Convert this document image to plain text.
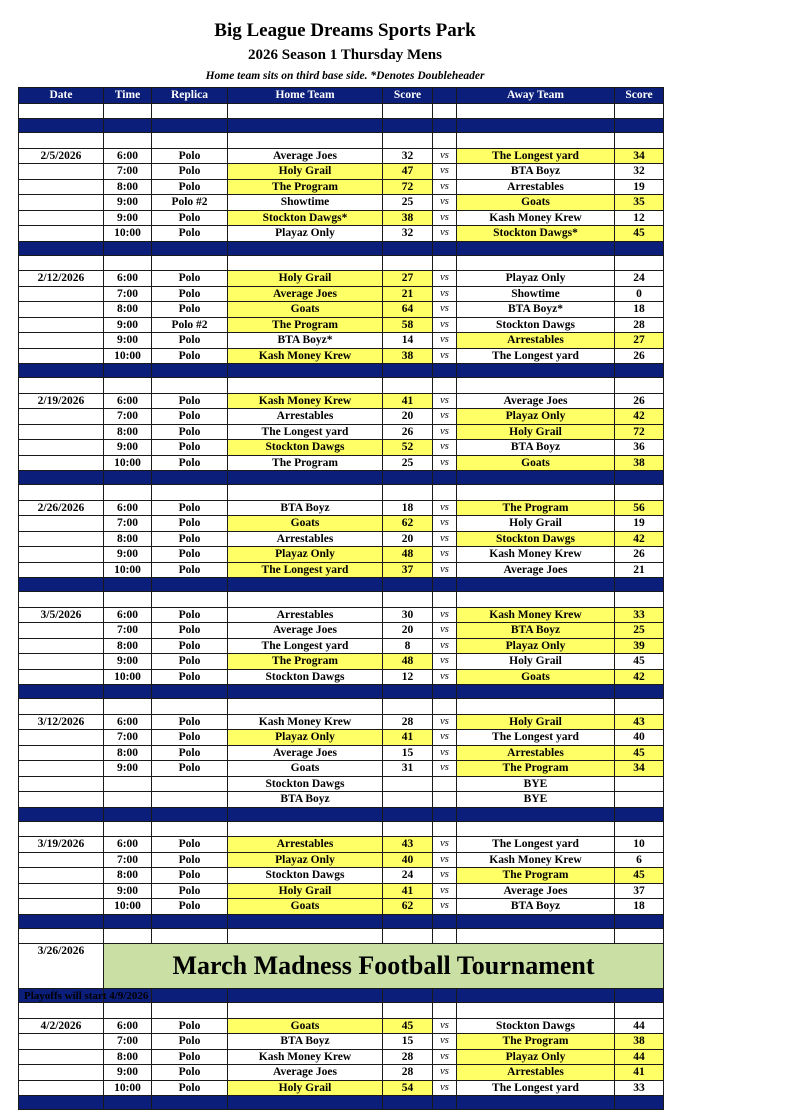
Big League Dreams Sports Park
2026 Season 1 Thursday Mens
Home team sits on third base side. *Denotes Doubleheader
Date	Time	Replica	Home Team	Score		Away Team	Score

2/5/2026	6:00	Polo	Average Joes	32	vs	The Longest yard	34
	7:00	Polo	Holy Grail	47	vs	BTA Boyz	32
	8:00	Polo	The Program	72	vs	Arrestables	19
	9:00	Polo #2	Showtime	25	vs	Goats	35
	9:00	Polo	Stockton Dawgs*	38	vs	Kash Money Krew	12
	10:00	Polo	Playaz Only	32	vs	Stockton Dawgs*	45

2/12/2026	6:00	Polo	Holy Grail	27	vs	Playaz Only	24
	7:00	Polo	Average Joes	21	vs	Showtime	0
	8:00	Polo	Goats	64	vs	BTA Boyz*	18
	9:00	Polo #2	The Program	58	vs	Stockton Dawgs	28
	9:00	Polo	BTA Boyz*	14	vs	Arrestables	27
	10:00	Polo	Kash Money Krew	38	vs	The Longest yard	26

2/19/2026	6:00	Polo	Kash Money Krew	41	vs	Average Joes	26
	7:00	Polo	Arrestables	20	vs	Playaz Only	42
	8:00	Polo	The Longest yard	26	vs	Holy Grail	72
	9:00	Polo	Stockton Dawgs	52	vs	BTA Boyz	36
	10:00	Polo	The Program	25	vs	Goats	38

2/26/2026	6:00	Polo	BTA Boyz	18	vs	The Program	56
	7:00	Polo	Goats	62	vs	Holy Grail	19
	8:00	Polo	Arrestables	20	vs	Stockton Dawgs	42
	9:00	Polo	Playaz Only	48	vs	Kash Money Krew	26
	10:00	Polo	The Longest yard	37	vs	Average Joes	21

3/5/2026	6:00	Polo	Arrestables	30	vs	Kash Money Krew	33
	7:00	Polo	Average Joes	20	vs	BTA Boyz	25
	8:00	Polo	The Longest yard	8	vs	Playaz Only	39
	9:00	Polo	The Program	48	vs	Holy Grail	45
	10:00	Polo	Stockton Dawgs	12	vs	Goats	42

3/12/2026	6:00	Polo	Kash Money Krew	28	vs	Holy Grail	43
	7:00	Polo	Playaz Only	41	vs	The Longest yard	40
	8:00	Polo	Average Joes	15	vs	Arrestables	45
	9:00	Polo	Goats	31	vs	The Program	34
			Stockton Dawgs			BYE	
			BTA Boyz			BYE	

3/19/2026	6:00	Polo	Arrestables	43	vs	The Longest yard	10
	7:00	Polo	Playaz Only	40	vs	Kash Money Krew	6
	8:00	Polo	Stockton Dawgs	24	vs	The Program	45
	9:00	Polo	Holy Grail	41	vs	Average Joes	37
	10:00	Polo	Goats	62	vs	BTA Boyz	18

3/26/2026	March Madness Football Tournament						

4/2/2026	6:00	Polo	Goats	45	vs	Stockton Dawgs	44
	7:00	Polo	BTA Boyz	15	vs	The Program	38
	8:00	Polo	Kash Money Krew	28	vs	Playaz Only	44
	9:00	Polo	Average Joes	28	vs	Arrestables	41
	10:00	Polo	Holy Grail	54	vs	The Longest yard	33

Playoffs will start 4/9/2026
